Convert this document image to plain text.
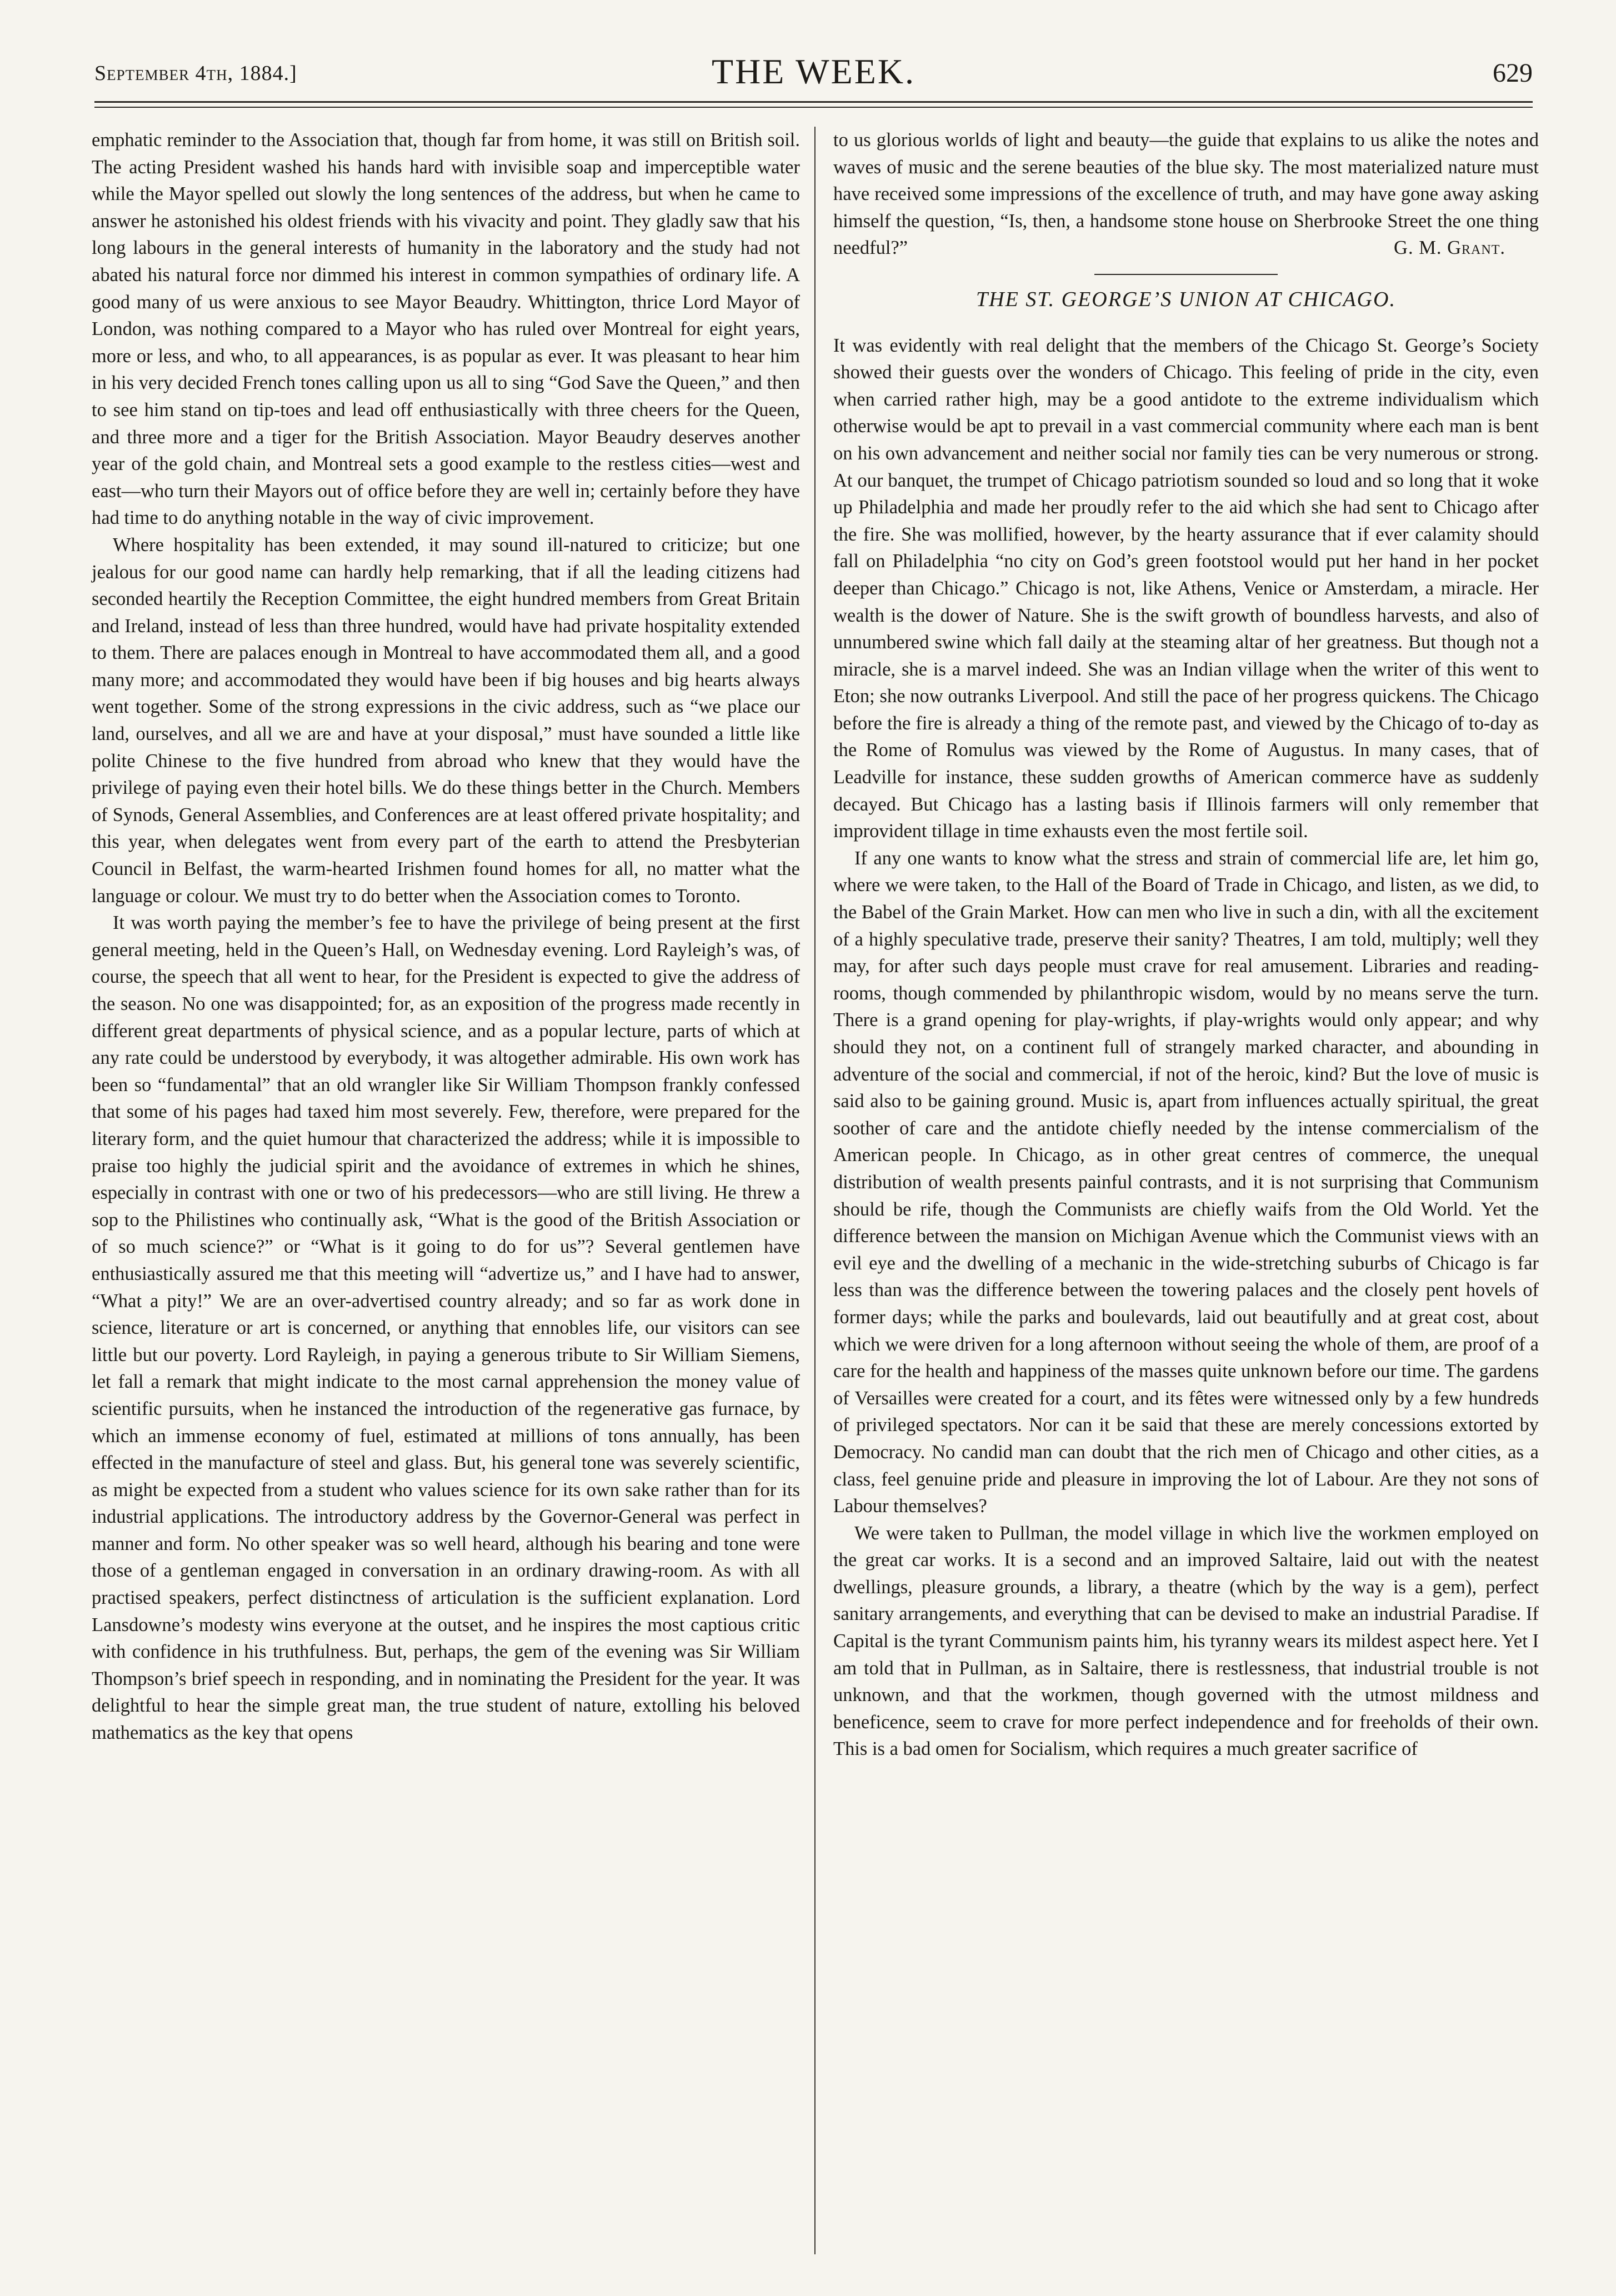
September 4th, 1884.]	THE WEEK.	629

emphatic reminder to the Association that, though far from home, it was still on British soil. The acting President washed his hands hard with invisible soap and imperceptible water while the Mayor spelled out slowly the long sentences of the address, but when he came to answer he astonished his oldest friends with his vivacity and point. They gladly saw that his long labours in the general interests of humanity in the laboratory and the study had not abated his natural force nor dimmed his interest in common sympathies of ordinary life. A good many of us were anxious to see Mayor Beaudry. Whittington, thrice Lord Mayor of London, was nothing compared to a Mayor who has ruled over Montreal for eight years, more or less, and who, to all appearances, is as popular as ever. It was pleasant to hear him in his very decided French tones calling upon us all to sing “God Save the Queen,” and then to see him stand on tip-toes and lead off enthusiastically with three cheers for the Queen, and three more and a tiger for the British Association. Mayor Beaudry deserves another year of the gold chain, and Montreal sets a good example to the restless cities—west and east—who turn their Mayors out of office before they are well in; certainly before they have had time to do anything notable in the way of civic improvement.

Where hospitality has been extended, it may sound ill-natured to criticize; but one jealous for our good name can hardly help remarking, that if all the leading citizens had seconded heartily the Reception Committee, the eight hundred members from Great Britain and Ireland, instead of less than three hundred, would have had private hospitality extended to them. There are palaces enough in Montreal to have accommodated them all, and a good many more; and accommodated they would have been if big houses and big hearts always went together. Some of the strong expressions in the civic address, such as “we place our land, ourselves, and all we are and have at your disposal,” must have sounded a little like polite Chinese to the five hundred from abroad who knew that they would have the privilege of paying even their hotel bills. We do these things better in the Church. Members of Synods, General Assemblies, and Conferences are at least offered private hospitality; and this year, when delegates went from every part of the earth to attend the Presbyterian Council in Belfast, the warm-hearted Irishmen found homes for all, no matter what the language or colour. We must try to do better when the Association comes to Toronto.

It was worth paying the member’s fee to have the privilege of being present at the first general meeting, held in the Queen’s Hall, on Wednesday evening. Lord Rayleigh’s was, of course, the speech that all went to hear, for the President is expected to give the address of the season. No one was disappointed; for, as an exposition of the progress made recently in different great departments of physical science, and as a popular lecture, parts of which at any rate could be understood by everybody, it was altogether admirable. His own work has been so “fundamental” that an old wrangler like Sir William Thompson frankly confessed that some of his pages had taxed him most severely. Few, therefore, were prepared for the literary form, and the quiet humour that characterized the address; while it is impossible to praise too highly the judicial spirit and the avoidance of extremes in which he shines, especially in contrast with one or two of his predecessors—who are still living. He threw a sop to the Philistines who continually ask, “What is the good of the British Association or of so much science?” or “What is it going to do for us”? Several gentlemen have enthusiastically assured me that this meeting will “advertize us,” and I have had to answer, “What a pity!” We are an over-advertised country already; and so far as work done in science, literature or art is concerned, or anything that ennobles life, our visitors can see little but our poverty. Lord Rayleigh, in paying a generous tribute to Sir William Siemens, let fall a remark that might indicate to the most carnal apprehension the money value of scientific pursuits, when he instanced the introduction of the regenerative gas furnace, by which an immense economy of fuel, estimated at millions of tons annually, has been effected in the manufacture of steel and glass. But, his general tone was severely scientific, as might be expected from a student who values science for its own sake rather than for its industrial applications. The introductory address by the Governor-General was perfect in manner and form. No other speaker was so well heard, although his bearing and tone were those of a gentleman engaged in conversation in an ordinary drawing-room. As with all practised speakers, perfect distinctness of articulation is the sufficient explanation. Lord Lansdowne’s modesty wins everyone at the outset, and he inspires the most captious critic with confidence in his truthfulness. But, perhaps, the gem of the evening was Sir William Thompson’s brief speech in responding, and in nominating the President for the year. It was delightful to hear the simple great man, the true student of nature, extolling his beloved mathematics as the key that opens

to us glorious worlds of light and beauty—the guide that explains to us alike the notes and waves of music and the serene beauties of the blue sky. The most materialized nature must have received some impressions of the excellence of truth, and may have gone away asking himself the question, “Is, then, a handsome stone house on Sherbrooke Street the one thing needful?”	G. M. Grant.
THE ST. GEORGE’S UNION AT CHICAGO.

It was evidently with real delight that the members of the Chicago St. George’s Society showed their guests over the wonders of Chicago. This feeling of pride in the city, even when carried rather high, may be a good antidote to the extreme individualism which otherwise would be apt to prevail in a vast commercial community where each man is bent on his own advancement and neither social nor family ties can be very numerous or strong. At our banquet, the trumpet of Chicago patriotism sounded so loud and so long that it woke up Philadelphia and made her proudly refer to the aid which she had sent to Chicago after the fire. She was mollified, however, by the hearty assurance that if ever calamity should fall on Philadelphia “no city on God’s green footstool would put her hand in her pocket deeper than Chicago.” Chicago is not, like Athens, Venice or Amsterdam, a miracle. Her wealth is the dower of Nature. She is the swift growth of boundless harvests, and also of unnumbered swine which fall daily at the steaming altar of her greatness. But though not a miracle, she is a marvel indeed. She was an Indian village when the writer of this went to Eton; she now outranks Liverpool. And still the pace of her progress quickens. The Chicago before the fire is already a thing of the remote past, and viewed by the Chicago of to-day as the Rome of Romulus was viewed by the Rome of Augustus. In many cases, that of Leadville for instance, these sudden growths of American commerce have as suddenly decayed. But Chicago has a lasting basis if Illinois farmers will only remember that improvident tillage in time exhausts even the most fertile soil.

If any one wants to know what the stress and strain of commercial life are, let him go, where we were taken, to the Hall of the Board of Trade in Chicago, and listen, as we did, to the Babel of the Grain Market. How can men who live in such a din, with all the excitement of a highly speculative trade, preserve their sanity? Theatres, I am told, multiply; well they may, for after such days people must crave for real amusement. Libraries and reading-rooms, though commended by philanthropic wisdom, would by no means serve the turn. There is a grand opening for play-wrights, if play-wrights would only appear; and why should they not, on a continent full of strangely marked character, and abounding in adventure of the social and commercial, if not of the heroic, kind? But the love of music is said also to be gaining ground. Music is, apart from influences actually spiritual, the great soother of care and the antidote chiefly needed by the intense commercialism of the American people. In Chicago, as in other great centres of commerce, the unequal distribution of wealth presents painful contrasts, and it is not surprising that Communism should be rife, though the Communists are chiefly waifs from the Old World. Yet the difference between the mansion on Michigan Avenue which the Communist views with an evil eye and the dwelling of a mechanic in the wide-stretching suburbs of Chicago is far less than was the difference between the towering palaces and the closely pent hovels of former days; while the parks and boulevards, laid out beautifully and at great cost, about which we were driven for a long afternoon without seeing the whole of them, are proof of a care for the health and happiness of the masses quite unknown before our time. The gardens of Versailles were created for a court, and its fêtes were witnessed only by a few hundreds of privileged spectators. Nor can it be said that these are merely concessions extorted by Democracy. No candid man can doubt that the rich men of Chicago and other cities, as a class, feel genuine pride and pleasure in improving the lot of Labour. Are they not sons of Labour themselves?

We were taken to Pullman, the model village in which live the workmen employed on the great car works. It is a second and an improved Saltaire, laid out with the neatest dwellings, pleasure grounds, a library, a theatre (which by the way is a gem), perfect sanitary arrangements, and everything that can be devised to make an industrial Paradise. If Capital is the tyrant Communism paints him, his tyranny wears its mildest aspect here. Yet I am told that in Pullman, as in Saltaire, there is restlessness, that industrial trouble is not unknown, and that the workmen, though governed with the utmost mildness and beneficence, seem to crave for more perfect independence and for freeholds of their own. This is a bad omen for Socialism, which requires a much greater sacrifice of
